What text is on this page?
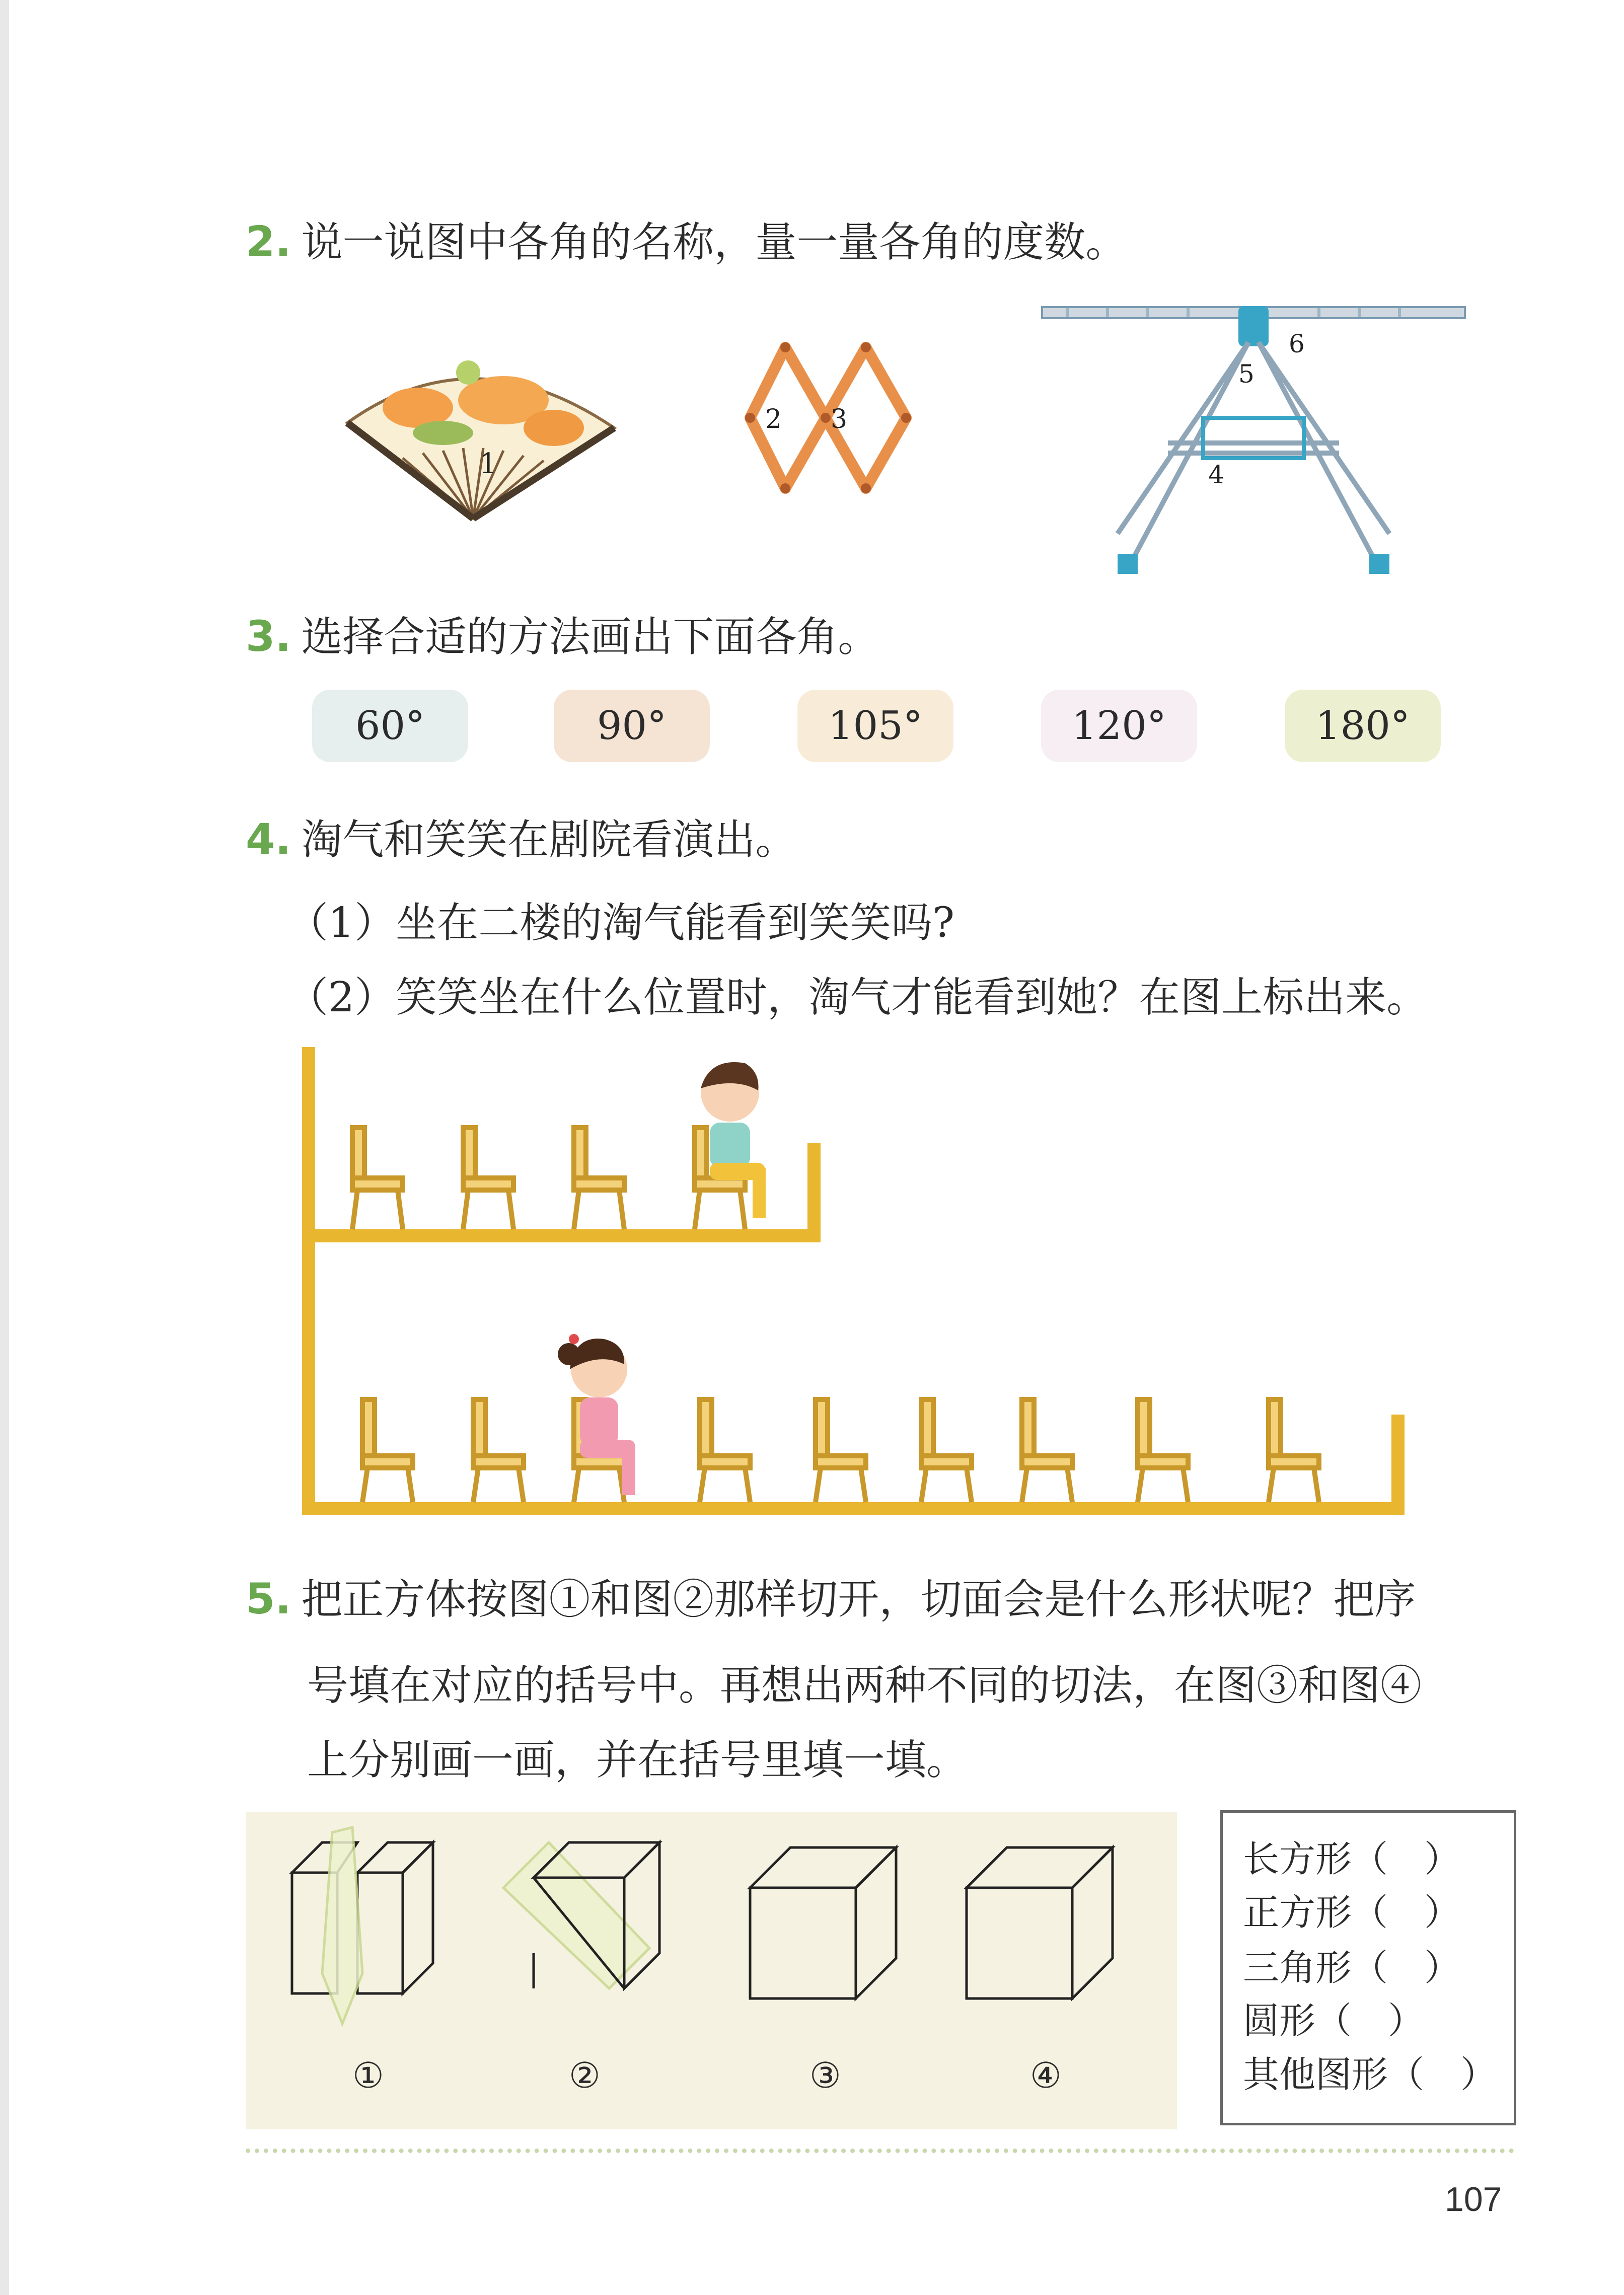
2. 说一说图中各角的名称，量一量各角的度数。
1
2 3
6
5
4
3. 选择合适的方法画出下面各角。
60°	90°	105°	120°	180°
4. 淘气和笑笑在剧院看演出。
（1）坐在二楼的淘气能看到笑笑吗?
（2）笑笑坐在什么位置时，淘气才能看到她？在图上标出来。
5. 把正方体按图①和图②那样切开，切面会是什么形状呢？把序
号填在对应的括号中。再想出两种不同的切法，在图③和图④
上分别画一画，并在括号里填一填。
①	②	③	④
长方形（　）
正方形（　）
三角形（　）
圆形（　）
其他图形（　）
107
